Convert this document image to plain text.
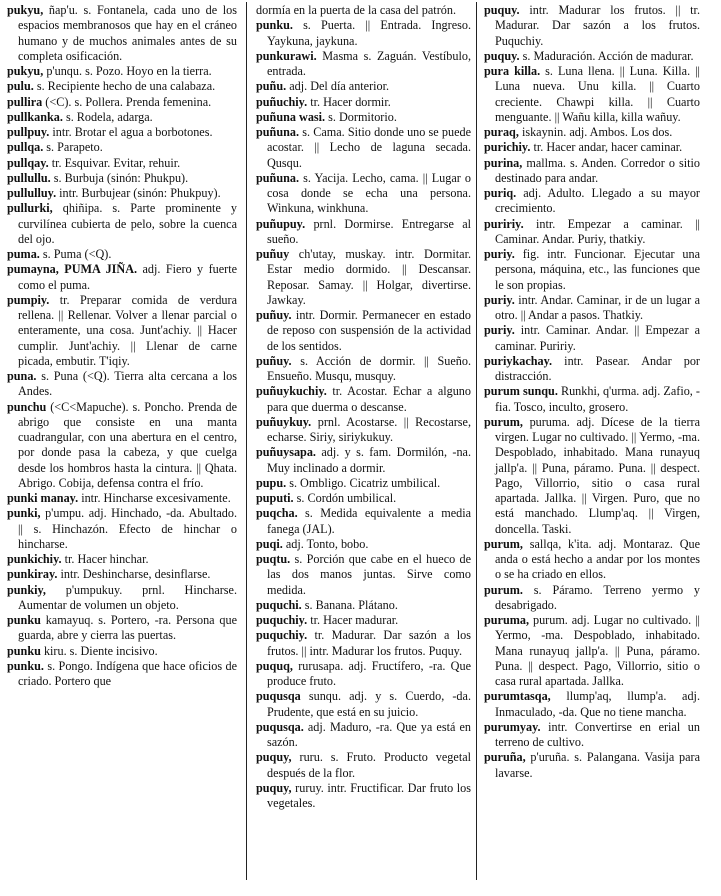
pukyu, ñap'u. s. Fontanela, cada uno de los espacios membranosos que hay en el cráneo humano y de muchos animales antes de su completa osificación.

pukyu, p'unqu. s. Pozo. Hoyo en la tierra.

pulu. s. Recipiente hecho de una calabaza.

pullira (<C). s. Pollera. Prenda femenina.

pullkanka. s. Rodela, adarga.

pullpuy. intr. Brotar el agua a borbotones.

pullqa. s. Parapeto.

pullqay. tr. Esquivar. Evitar, rehuir.

pullullu. s. Burbuja (sinón: Phukpu).

pullulluy. intr. Burbujear (sinón: Phukpuy).

pullurki, qhiñipa. s. Parte prominente y curvilínea cubierta de pelo, sobre la cuenca del ojo.

puma. s. Puma (<Q).

pumayna, PUMA JIÑA. adj. Fiero y fuerte como el puma.

pumpiy. tr. Preparar comida de verdura rellena. || Rellenar. Volver a llenar parcial o enteramente, una cosa. Junt'achiy. || Hacer cumplir. Junt'achiy. || Llenar de carne picada, embutir. T'iqiy.

puna. s. Puna (<Q). Tierra alta cercana a los Andes.

punchu (<C<Mapuche). s. Poncho. Prenda de abrigo que consiste en una manta cuadrangular, con una abertura en el centro, por donde pasa la cabeza, y que cuelga desde los hombros hasta la cintura. || Qhata. Abrigo. Cobija, defensa contra el frío.

punki manay. intr. Hincharse excesivamente.

punki, p'umpu. adj. Hinchado, -da. Abultado. || s. Hinchazón. Efecto de hinchar o hincharse.

punkichiy. tr. Hacer hinchar.

punkiray. intr. Deshincharse, desinflarse.

punkiy, p'umpukuy. prnl. Hincharse. Aumentar de volumen un objeto.

punku kamayuq. s. Portero, -ra. Persona que guarda, abre y cierra las puertas.

punku kiru. s. Diente incisivo.

punku. s. Pongo. Indígena que hace oficios de criado. Portero que

dormía en la puerta de la casa del patrón.

punku. s. Puerta. || Entrada. Ingreso. Yaykuna, jaykuna.

punkurawi. Masma s. Zaguán. Vestíbulo, entrada.

puñu. adj. Del día anterior.

puñuchiy. tr. Hacer dormir.

puñuna wasi. s. Dormitorio.

puñuna. s. Cama. Sitio donde uno se puede acostar. || Lecho de laguna secada. Qusqu.

puñuna. s. Yacija. Lecho, cama. || Lugar o cosa donde se echa una persona. Winkuna, winkhuna.

puñupuy. prnl. Dormirse. Entregarse al sueño.

puñuy ch'utay, muskay. intr. Dormitar. Estar medio dormido. || Descansar. Reposar. Samay. || Holgar, divertirse. Jawkay.

puñuy. intr. Dormir. Permanecer en estado de reposo con suspensión de la actividad de los sentidos.

puñuy. s. Acción de dormir. || Sueño. Ensueño. Musqu, musquy.

puñuykuchiy. tr. Acostar. Echar a alguno para que duerma o descanse.

puñuykuy. prnl. Acostarse. || Recostarse, echarse. Siriy, siriykukuy.

puñuysapa. adj. y s. fam. Dormilón, -na. Muy inclinado a dormir.

pupu. s. Ombligo. Cicatriz umbilical.

puputi. s. Cordón umbilical.

puqcha. s. Medida equivalente a media fanega (JAL).

puqi. adj. Tonto, bobo.

puqtu. s. Porción que cabe en el hueco de las dos manos juntas. Sirve como medida.

puquchi. s. Banana. Plátano.

puquchiy. tr. Hacer madurar.

puquchiy. tr. Madurar. Dar sazón a los frutos. || intr. Madurar los frutos. Puquy.

puquq, rurusapa. adj. Fructífero, -ra. Que produce fruto.

puqusqa sunqu. adj. y s. Cuerdo, -da. Prudente, que está en su juicio.

puqusqa. adj. Maduro, -ra. Que ya está en sazón.

puquy, ruru. s. Fruto. Producto vegetal después de la flor.

puquy, ruruy. intr. Fructificar. Dar fruto los vegetales.

puquy. intr. Madurar los frutos. || tr. Madurar. Dar sazón a los frutos. Puquchiy.

puquy. s. Maduración. Acción de madurar.

pura killa. s. Luna llena. || Luna. Killa. || Luna nueva. Unu killa. || Cuarto creciente. Chawpi killa. || Cuarto menguante. || Wañu killa, killa wañuy.

puraq, iskaynin. adj. Ambos. Los dos.

purichiy. tr. Hacer andar, hacer caminar.

purina, mallma. s. Anden. Corredor o sitio destinado para andar.

puriq. adj. Adulto. Llegado a su mayor crecimiento.

puririy. intr. Empezar a caminar. || Caminar. Andar. Puriy, thatkiy.

puriy. fig. intr. Funcionar. Ejecutar una persona, máquina, etc., las funciones que le son propias.

puriy. intr. Andar. Caminar, ir de un lugar a otro. || Andar a pasos. Thatkiy.

puriy. intr. Caminar. Andar. || Empezar a caminar. Puririy.

puriykachay. intr. Pasear. Andar por distracción.

purum sunqu. Runkhi, q'urma. adj. Zafio, -fia. Tosco, inculto, grosero.

purum, puruma. adj. Dícese de la tierra virgen. Lugar no cultivado. || Yermo, -ma. Despoblado, inhabitado. Mana runayuq jallp'a. || Puna, páramo. Puna. || despect. Pago, Villorrio, sitio o casa rural apartada. Jallka. || Virgen. Puro, que no está manchado. Llump'aq. || Virgen, doncella. Taski.

purum, sallqa, k'ita. adj. Montaraz. Que anda o está hecho a andar por los montes o se ha criado en ellos.

purum. s. Páramo. Terreno yermo y desabrigado.

puruma, purum. adj. Lugar no cultivado. || Yermo, -ma. Despoblado, inhabitado. Mana runayuq jallp'a. || Puna, páramo. Puna. || despect. Pago, Villorrio, sitio o casa rural apartada. Jallka.

purumtasqa, llump'aq, llump'a. adj. Inmaculado, -da. Que no tiene mancha.

purumyay. intr. Convertirse en erial un terreno de cultivo.

puruña, p'uruña. s. Palangana. Vasija para lavarse.
